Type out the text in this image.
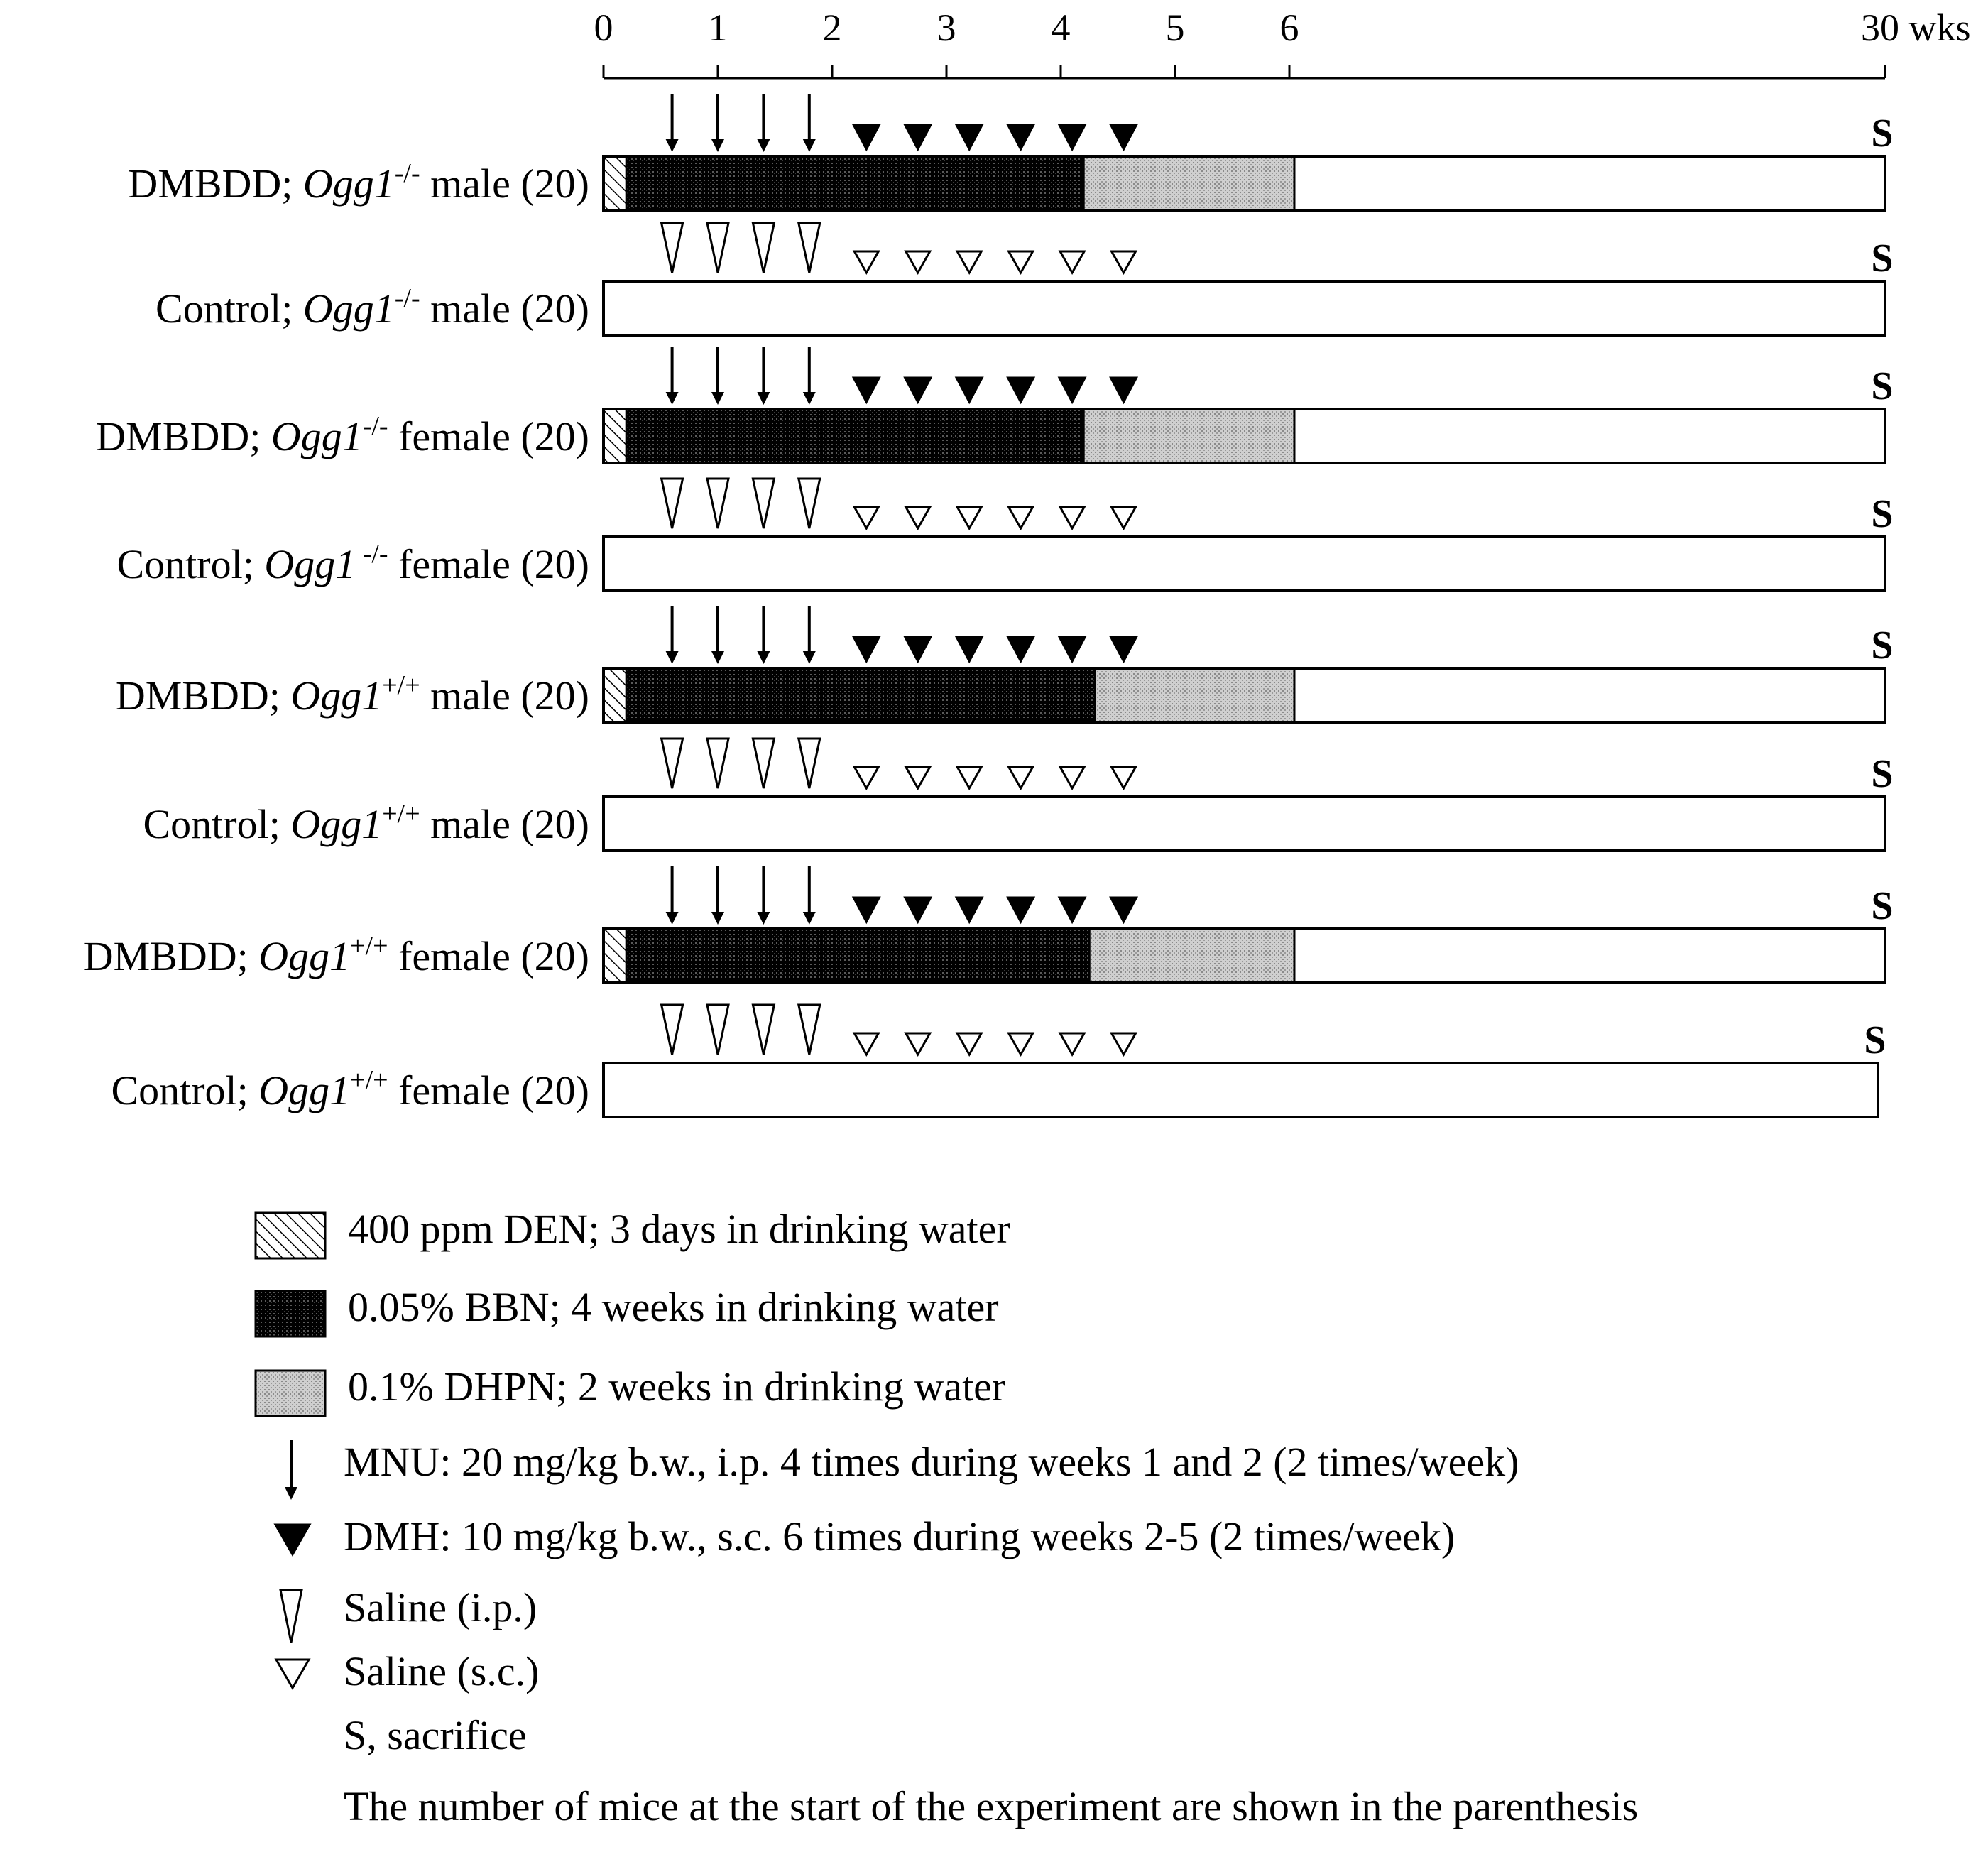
0 1 2 3 4 5 6	30 wks
DMBDD; Ogg1-/- male (20)
S
Control; Ogg1-/- male (20)
S
DMBDD; Ogg1-/- female (20)
S
Control; Ogg1 -/- female (20)
S
DMBDD; Ogg1+/+ male (20)
S
Control; Ogg1+/+ male (20)
S
DMBDD; Ogg1+/+ female (20)
S
Control; Ogg1+/+ female (20)
S
400 ppm DEN; 3 days in drinking water
0.05% BBN; 4 weeks in drinking water
0.1% DHPN; 2 weeks in drinking water
MNU: 20 mg/kg b.w., i.p. 4 times during weeks 1 and 2 (2 times/week)
DMH: 10 mg/kg b.w., s.c. 6 times during weeks 2-5 (2 times/week)
Saline (i.p.)
Saline (s.c.)
S, sacrifice
The number of mice at the start of the experiment are shown in the parenthesis
